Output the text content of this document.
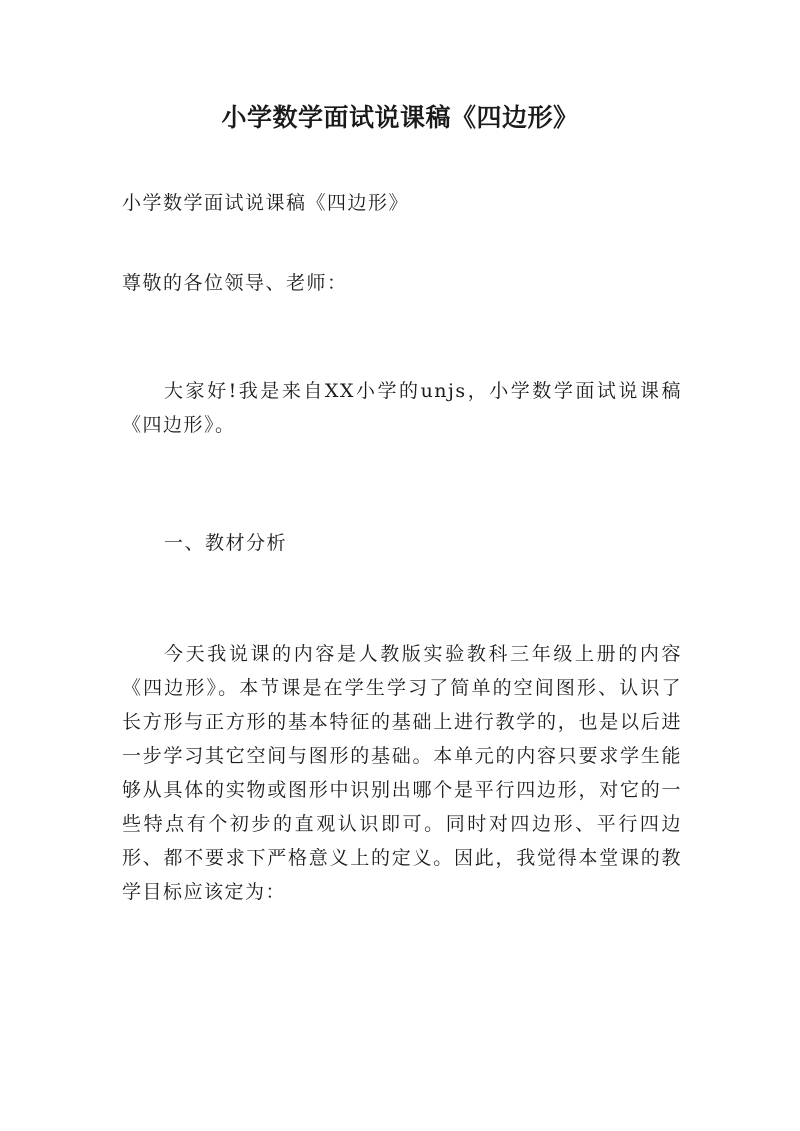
小学数学面试说课稿《四边形》

小学数学面试说课稿《四边形》

尊敬的各位领导、老师：

大家好!我是来自XX小学的unjs，小学数学面试说课稿《四边形》。

一、教材分析

今天我说课的内容是人教版实验教科三年级上册的内容《四边形》。本节课是在学生学习了简单的空间图形、认识了长方形与正方形的基本特征的基础上进行教学的，也是以后进一步学习其它空间与图形的基础。本单元的内容只要求学生能够从具体的实物或图形中识别出哪个是平行四边形，对它的一些特点有个初步的直观认识即可。同时对四边形、平行四边形、都不要求下严格意义上的定义。因此，我觉得本堂课的教学目标应该定为：
